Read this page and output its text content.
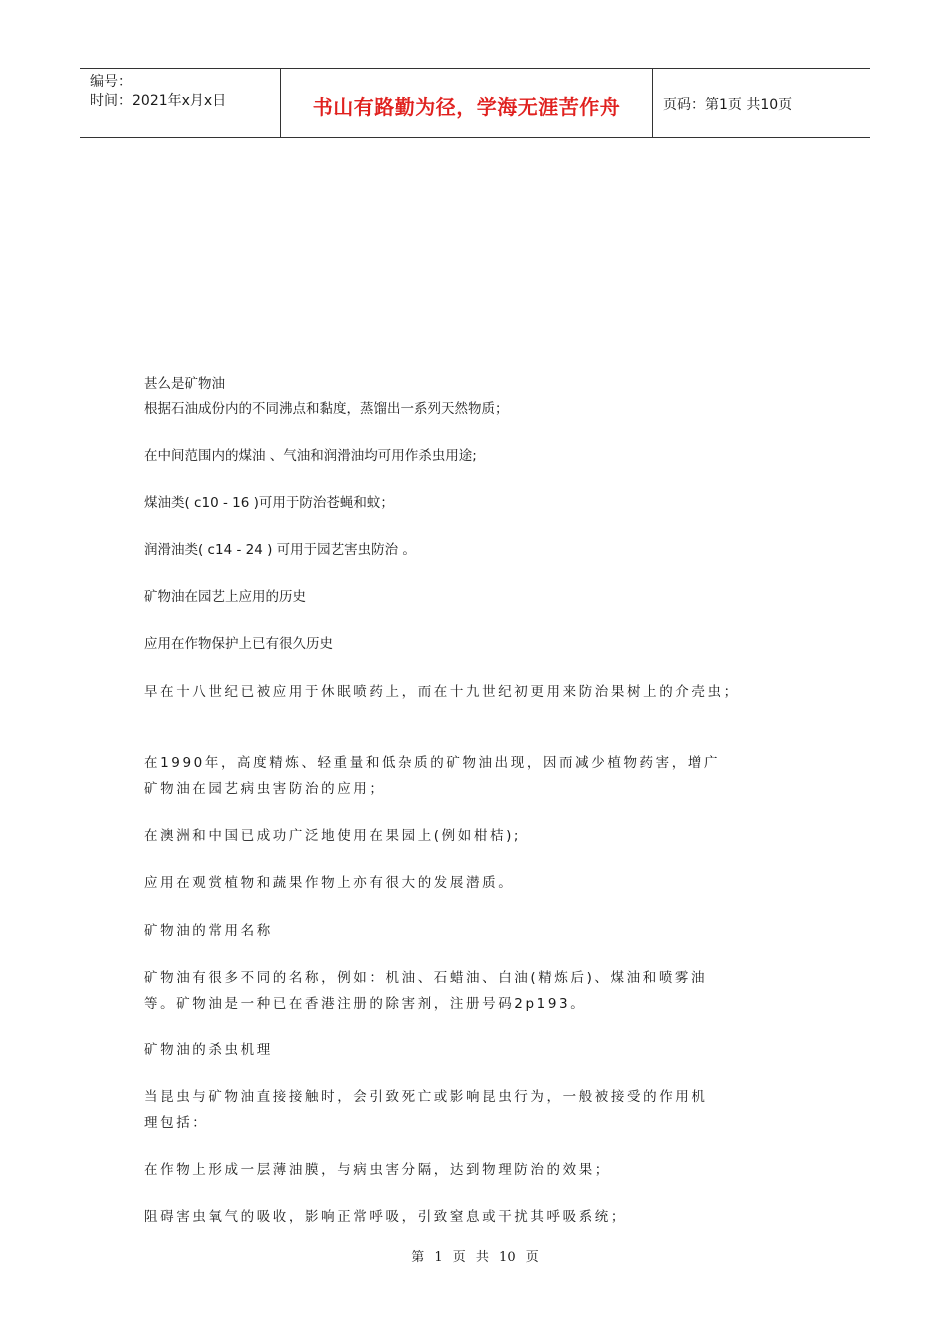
编号：
时间：2021年x月x日	书山有路勤为径，学海无涯苦作舟	页码：第1页 共10页
甚么是矿物油
根据石油成份内的不同沸点和黏度，蒸馏出一系列天然物质；
在中间范围内的煤油 、气油和润滑油均可用作杀虫用途;
煤油类( c10 - 16 )可用于防治苍蝇和蚊；
润滑油类( c14 - 24 ) 可用于园艺害虫防治 。
矿物油在园艺上应用的历史
应用在作物保护上已有很久历史
早在十八世纪已被应用于休眠喷药上，而在十九世纪初更用来防治果树上的介壳虫；
在1990年，高度精炼、轻重量和低杂质的矿物油出现，因而减少植物药害，增广
矿物油在园艺病虫害防治的应用；
在澳洲和中国已成功广泛地使用在果园上(例如柑桔);
应用在观赏植物和蔬果作物上亦有很大的发展潜质。
矿物油的常用名称
矿物油有很多不同的名称，例如：机油、石蜡油、白油(精炼后)、煤油和喷雾油
等。矿物油是一种已在香港注册的除害剂，注册号码2p193。
矿物油的杀虫机理
当昆虫与矿物油直接接触时，会引致死亡或影响昆虫行为，一般被接受的作用机
理包括：
在作物上形成一层薄油膜，与病虫害分隔，达到物理防治的效果；
阻碍害虫氧气的吸收，影响正常呼吸，引致窒息或干扰其呼吸系统；
第 1 页 共 10 页
